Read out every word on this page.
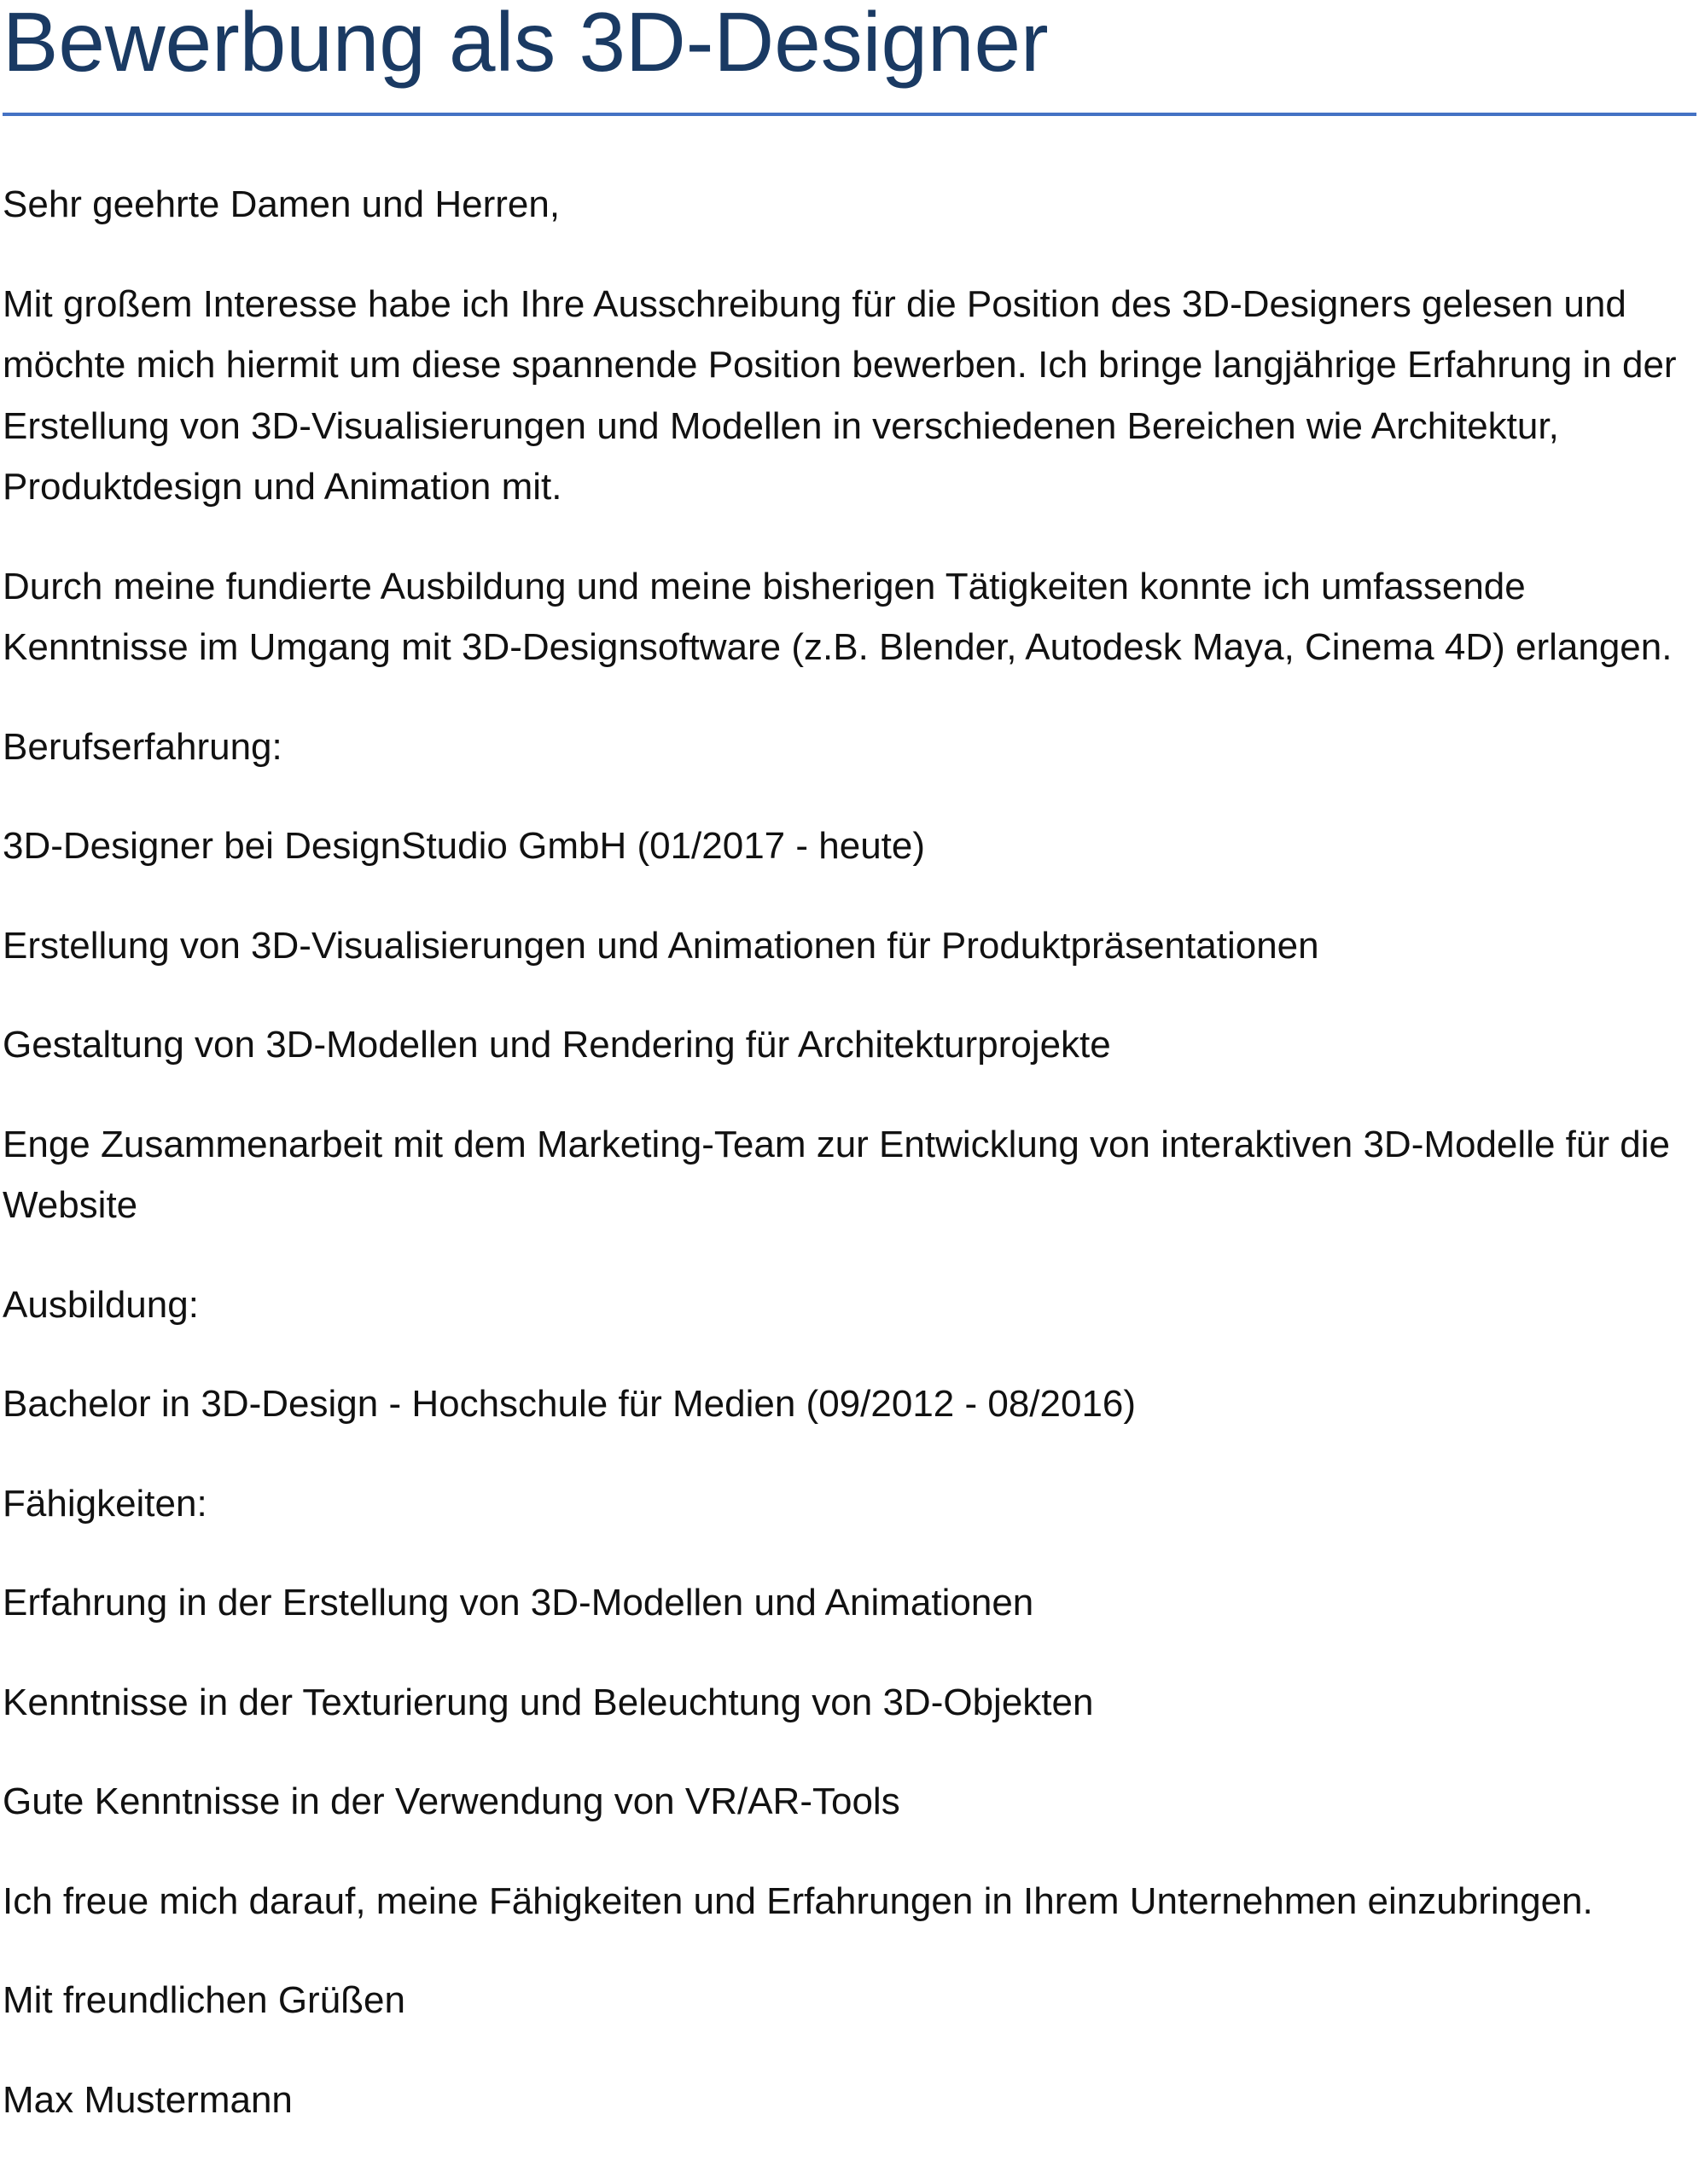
Bewerbung als 3D-Designer

Sehr geehrte Damen und Herren,

Mit großem Interesse habe ich Ihre Ausschreibung für die Position des 3D-Designers gelesen und möchte mich hiermit um diese spannende Position bewerben. Ich bringe langjährige Erfahrung in der Erstellung von 3D-Visualisierungen und Modellen in verschiedenen Bereichen wie Architektur, Produktdesign und Animation mit.

Durch meine fundierte Ausbildung und meine bisherigen Tätigkeiten konnte ich umfassende Kenntnisse im Umgang mit 3D-Designsoftware (z.B. Blender, Autodesk Maya, Cinema 4D) erlangen.

Berufserfahrung:

3D-Designer bei DesignStudio GmbH (01/2017 - heute)

Erstellung von 3D-Visualisierungen und Animationen für Produktpräsentationen

Gestaltung von 3D-Modellen und Rendering für Architekturprojekte

Enge Zusammenarbeit mit dem Marketing-Team zur Entwicklung von interaktiven 3D-Modelle für die Website

Ausbildung:

Bachelor in 3D-Design - Hochschule für Medien (09/2012 - 08/2016)

Fähigkeiten:

Erfahrung in der Erstellung von 3D-Modellen und Animationen

Kenntnisse in der Texturierung und Beleuchtung von 3D-Objekten

Gute Kenntnisse in der Verwendung von VR/AR-Tools

Ich freue mich darauf, meine Fähigkeiten und Erfahrungen in Ihrem Unternehmen einzubringen.

Mit freundlichen Grüßen

Max Mustermann
